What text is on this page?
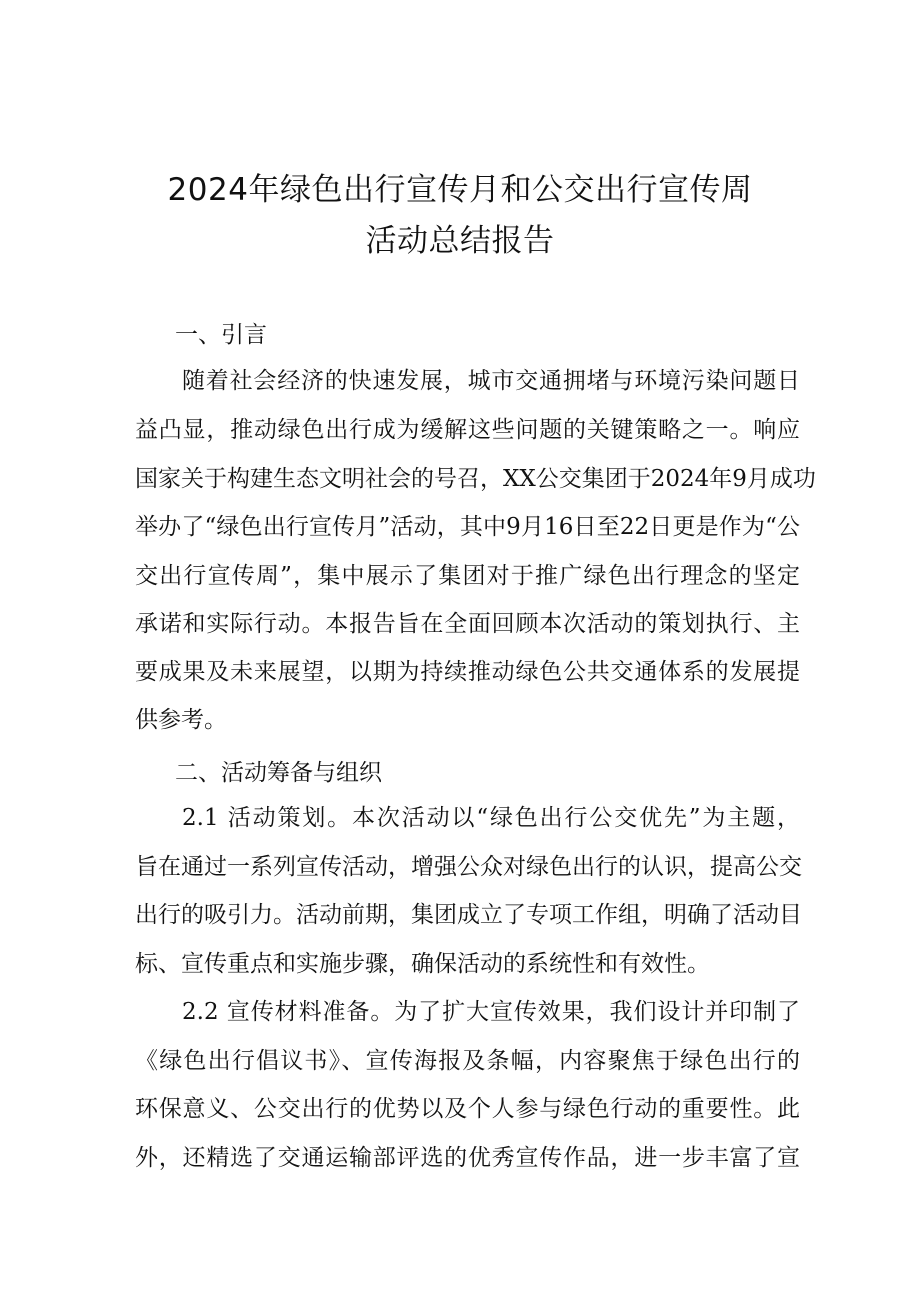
2024年绿色出行宣传月和公交出行宣传周
活动总结报告
一、引言
随着社会经济的快速发展，城市交通拥堵与环境污染问题日
益凸显，推动绿色出行成为缓解这些问题的关键策略之一。响应
国家关于构建生态文明社会的号召，XX公交集团于2024年9月成功
举办了“绿色出行宣传月”活动，其中9月16日至22日更是作为“公
交出行宣传周”，集中展示了集团对于推广绿色出行理念的坚定
承诺和实际行动。本报告旨在全面回顾本次活动的策划执行、主
要成果及未来展望，以期为持续推动绿色公共交通体系的发展提
供参考。
二、活动筹备与组织
2.1 活动策划。本次活动以“绿色出行公交优先”为主题，
旨在通过一系列宣传活动，增强公众对绿色出行的认识，提高公交
出行的吸引力。活动前期，集团成立了专项工作组，明确了活动目
标、宣传重点和实施步骤，确保活动的系统性和有效性。
2.2 宣传材料准备。为了扩大宣传效果，我们设计并印制了
《绿色出行倡议书》、宣传海报及条幅，内容聚焦于绿色出行的
环保意义、公交出行的优势以及个人参与绿色行动的重要性。此
外，还精选了交通运输部评选的优秀宣传作品，进一步丰富了宣
